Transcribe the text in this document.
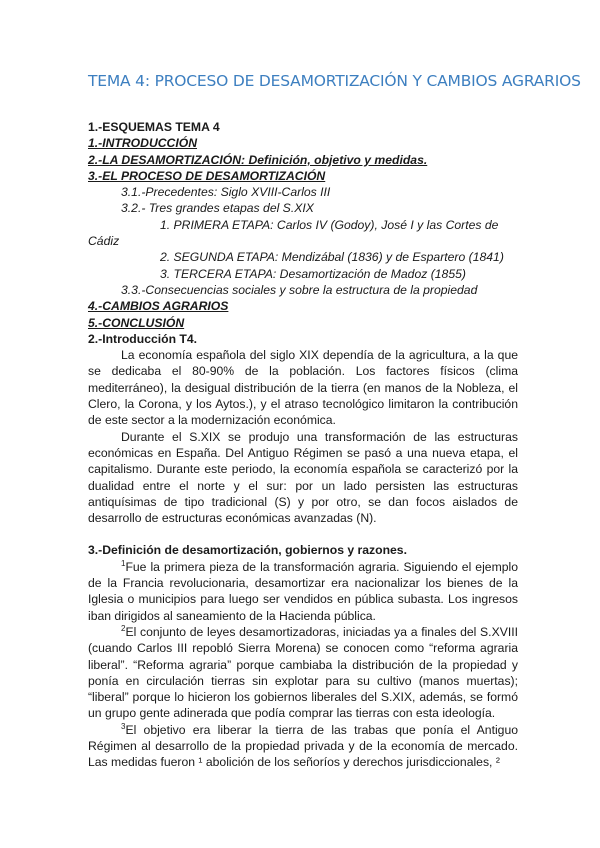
TEMA 4: PROCESO DE DESAMORTIZACIÓN Y CAMBIOS AGRARIOS
1.-ESQUEMAS TEMA 4
1.-INTRODUCCIÓN
2.-LA DESAMORTIZACIÓN: Definición, objetivo y medidas.
3.-EL PROCESO DE DESAMORTIZACIÓN
3.1.-Precedentes: Siglo XVIII-Carlos III
3.2.- Tres grandes etapas del S.XIX
1. PRIMERA ETAPA: Carlos IV (Godoy), José I y las Cortes de
Cádiz
2. SEGUNDA ETAPA: Mendizábal (1836) y de Espartero (1841)
3. TERCERA ETAPA: Desamortización de Madoz (1855)
3.3.-Consecuencias sociales y sobre la estructura de la propiedad
4.-CAMBIOS AGRARIOS
5.-CONCLUSIÓN
2.-Introducción T4.

La economía española del siglo XIX dependía de la agricultura, a la que se dedicaba el 80-90% de la población. Los factores físicos (clima mediterráneo), la desigual distribución de la tierra (en manos de la Nobleza, el Clero, la Corona, y los Aytos.), y el atraso tecnológico limitaron la contribución de este sector a la modernización económica.

Durante el S.XIX se produjo una transformación de las estructuras económicas en España. Del Antiguo Régimen se pasó a una nueva etapa, el capitalismo. Durante este periodo, la economía española se caracterizó por la dualidad entre el norte y el sur: por un lado persisten las estructuras antiquísimas de tipo tradicional (S) y por otro, se dan focos aislados de desarrollo de estructuras económicas avanzadas (N).

3.-Definición de desamortización, gobiernos y razones.

$^1$Fue la primera pieza de la transformación agraria. Siguiendo el ejemplo de la Francia revolucionaria, desamortizar era nacionalizar los bienes de la Iglesia o municipios para luego ser vendidos en pública subasta. Los ingresos iban dirigidos al saneamiento de la Hacienda pública.

$^2$El conjunto de leyes desamortizadoras, iniciadas ya a finales del S.XVIII (cuando Carlos III repobló Sierra Morena) se conocen como “reforma agraria liberal”. “Reforma agraria” porque cambiaba la distribución de la propiedad y ponía en circulación tierras sin explotar para su cultivo (manos muertas); “liberal” porque lo hicieron los gobiernos liberales del S.XIX, además, se formó un grupo gente adinerada que podía comprar las tierras con esta ideología.

$^3$El objetivo era liberar la tierra de las trabas que ponía el Antiguo Régimen al desarrollo de la propiedad privada y de la economía de mercado. Las medidas fueron ¹ abolición de los señoríos y derechos jurisdiccionales, ²
